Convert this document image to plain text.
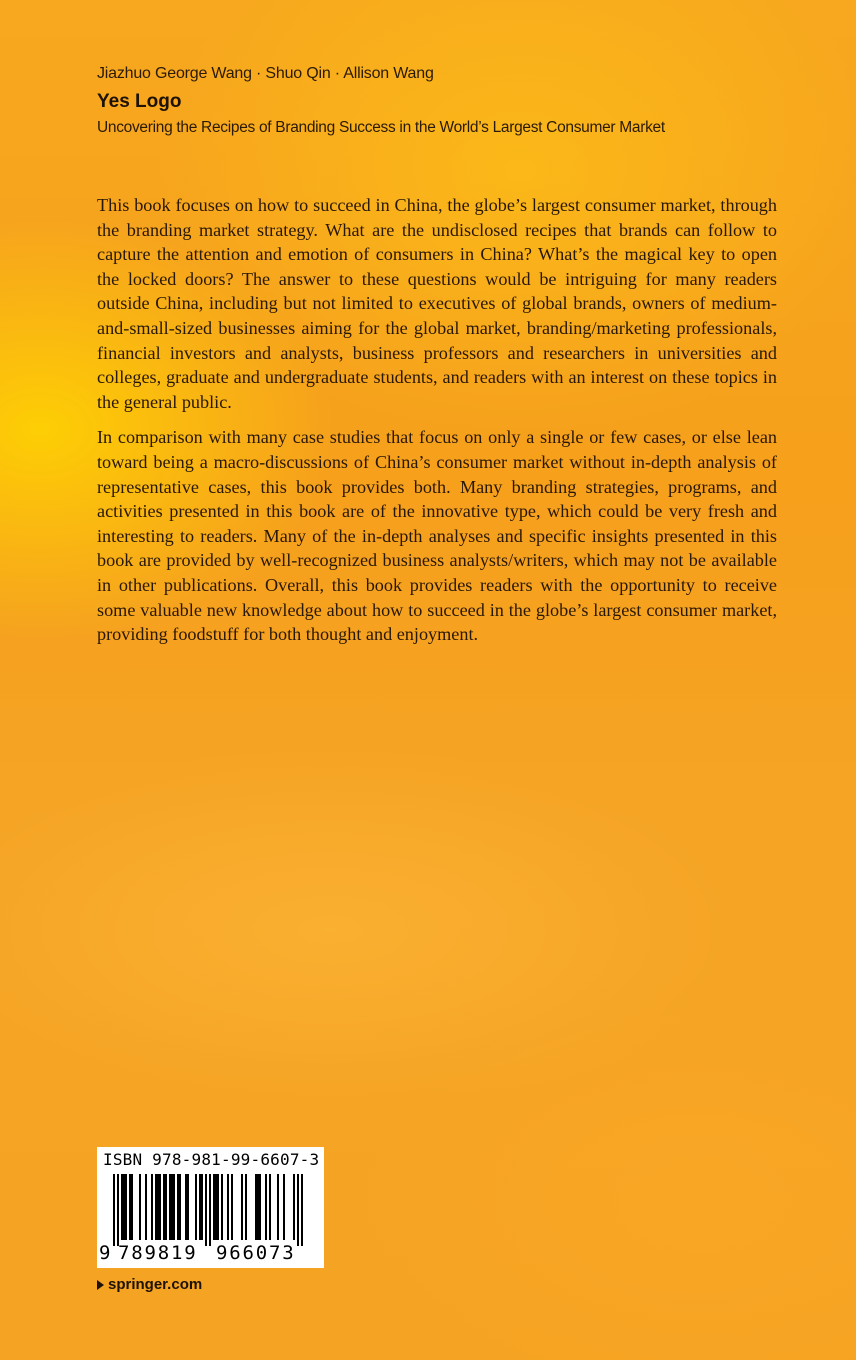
Jiazhuo George Wang · Shuo Qin · Allison Wang
Yes Logo
Uncovering the Recipes of Branding Success in the World’s Largest Consumer Market

This book focuses on how to succeed in China, the globe’s largest consumer market, through the branding market strategy. What are the undisclosed recipes that brands can follow to capture the attention and emotion of consumers in China? What’s the magical key to open the locked doors? The answer to these questions would be intriguing for many readers outside China, including but not limited to executives of global brands, owners of medium-and-small-sized businesses aiming for the global market, branding/marketing professionals, financial investors and analysts, business professors and researchers in universities and colleges, graduate and undergraduate students, and readers with an interest on these topics in the general public.

In comparison with many case studies that focus on only a single or few cases, or else lean toward being a macro-discussions of China’s consumer market without in-depth analysis of representative cases, this book provides both. Many branding strategies, programs, and activities presented in this book are of the innovative type, which could be very fresh and interesting to readers. Many of the in-depth analyses and specific insights presented in this book are provided by well-recognized business analysts/writers, which may not be available in other publications. Overall, this book provides readers with the opportunity to receive some valuable new knowledge about how to succeed in the globe’s largest consumer market, providing foodstuff for both thought and enjoyment.

ISBN 978-981-99-6607-3
9 789819 966073
springer.com
